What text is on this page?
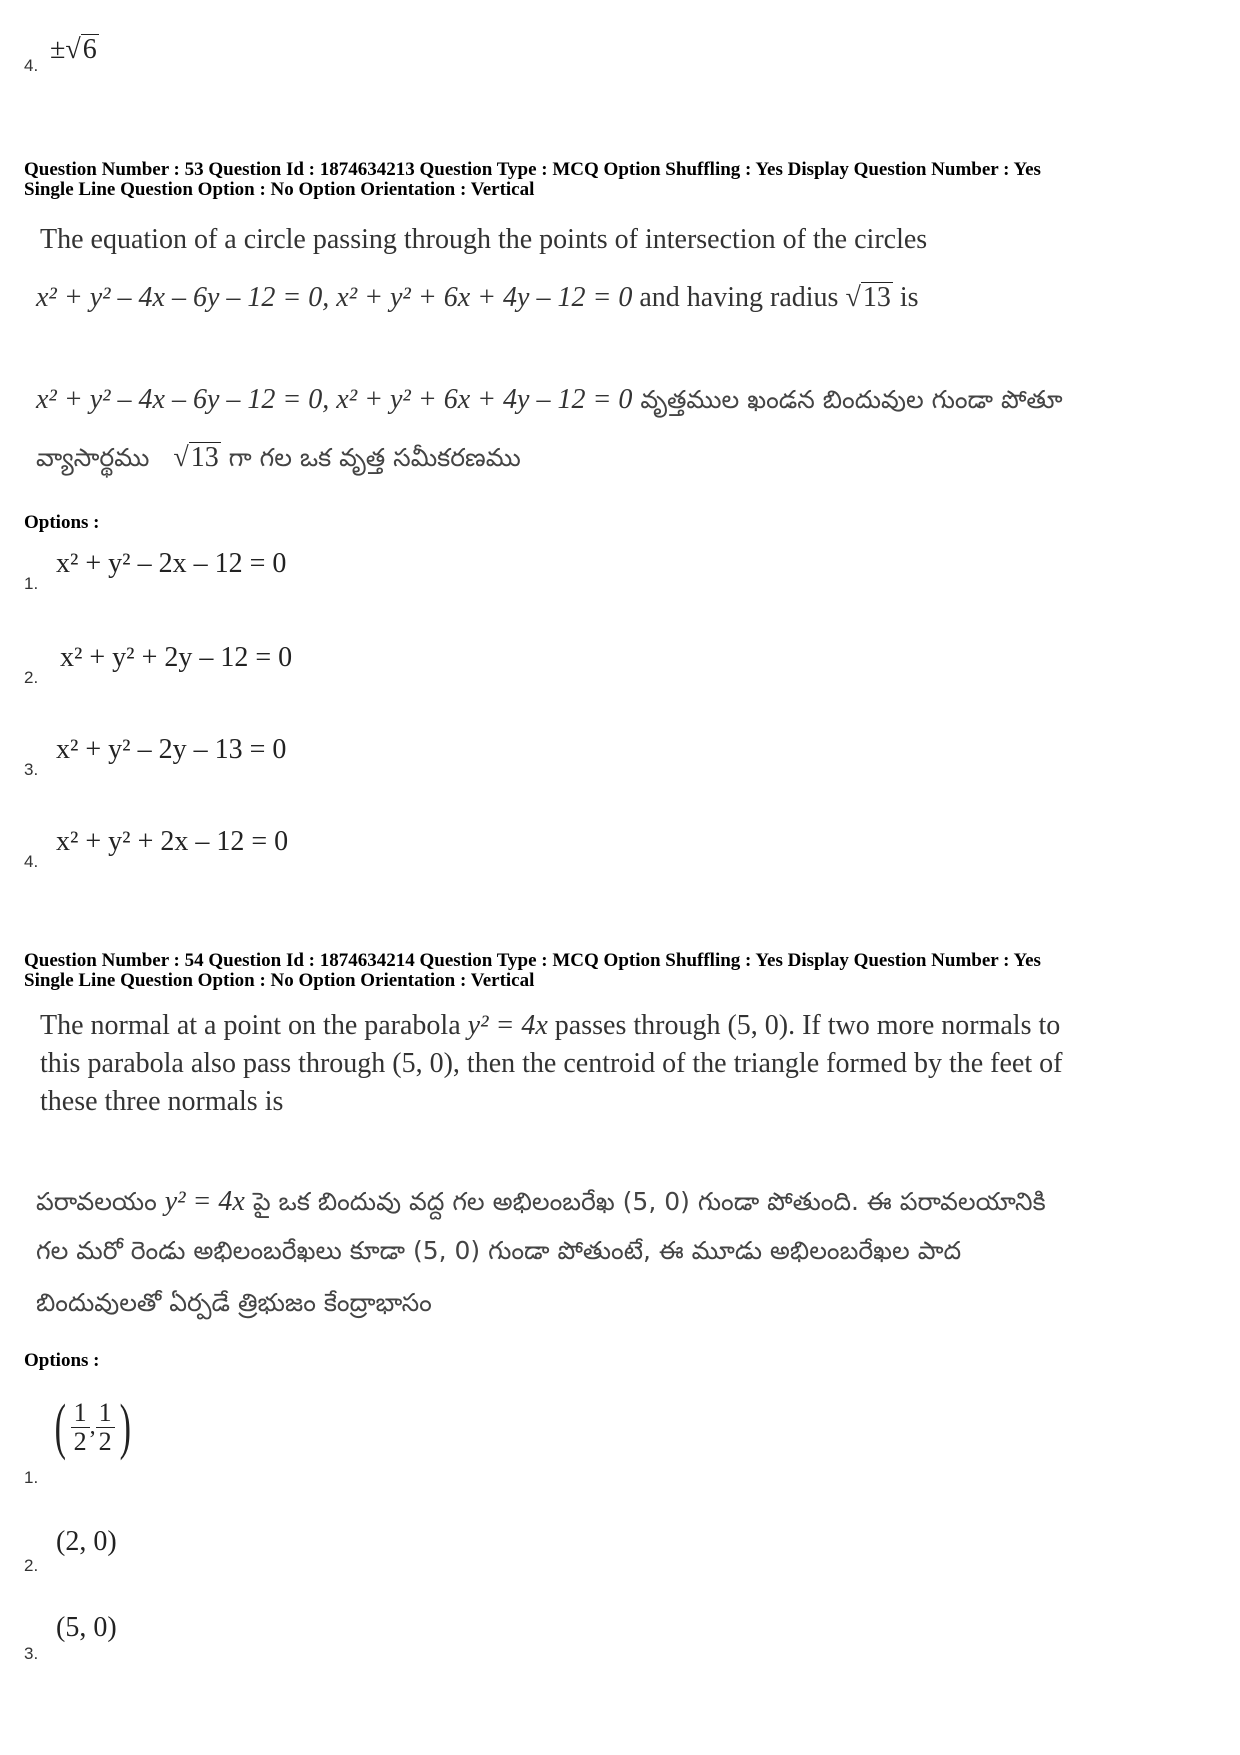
4.
±√6
Question Number : 53 Question Id : 1874634213 Question Type : MCQ Option Shuffling : Yes Display Question Number : Yes
Single Line Question Option : No Option Orientation : Vertical
The equation of a circle passing through the points of intersection of the circles
x² + y² – 4x – 6y – 12 = 0, x² + y² + 6x + 4y – 12 = 0 and having radius √13 is
x² + y² – 4x – 6y – 12 = 0, x² + y² + 6x + 4y – 12 = 0 వృత్తముల ఖండన బిందువుల గుండా పోతూ
వ్యాసార్థము √13 గా గల ఒక వృత్త సమీకరణము
Options :
1.
x² + y² – 2x – 12 = 0
2.
x² + y² + 2y – 12 = 0
3.
x² + y² – 2y – 13 = 0
4.
x² + y² + 2x – 12 = 0
Question Number : 54 Question Id : 1874634214 Question Type : MCQ Option Shuffling : Yes Display Question Number : Yes
Single Line Question Option : No Option Orientation : Vertical
The normal at a point on the parabola y² = 4x passes through (5, 0). If two more normals to
this parabola also pass through (5, 0), then the centroid of the triangle formed by the feet of
these three normals is
పరావలయం y² = 4x పై ఒక బిందువు వద్ద గల అభిలంబరేఖ (5, 0) గుండా పోతుంది. ఈ పరావలయానికి
గల మరో రెండు అభిలంబరేఖలు కూడా (5, 0) గుండా పోతుంటే, ఈ మూడు అభిలంబరేఖల పాద
బిందువులతో ఏర్పడే త్రిభుజం కేంద్రాభాసం
Options :
1.
( $\frac{1}{2}$ , $\frac{1}{2}$ )
2.
(2, 0)
3.
(5, 0)
